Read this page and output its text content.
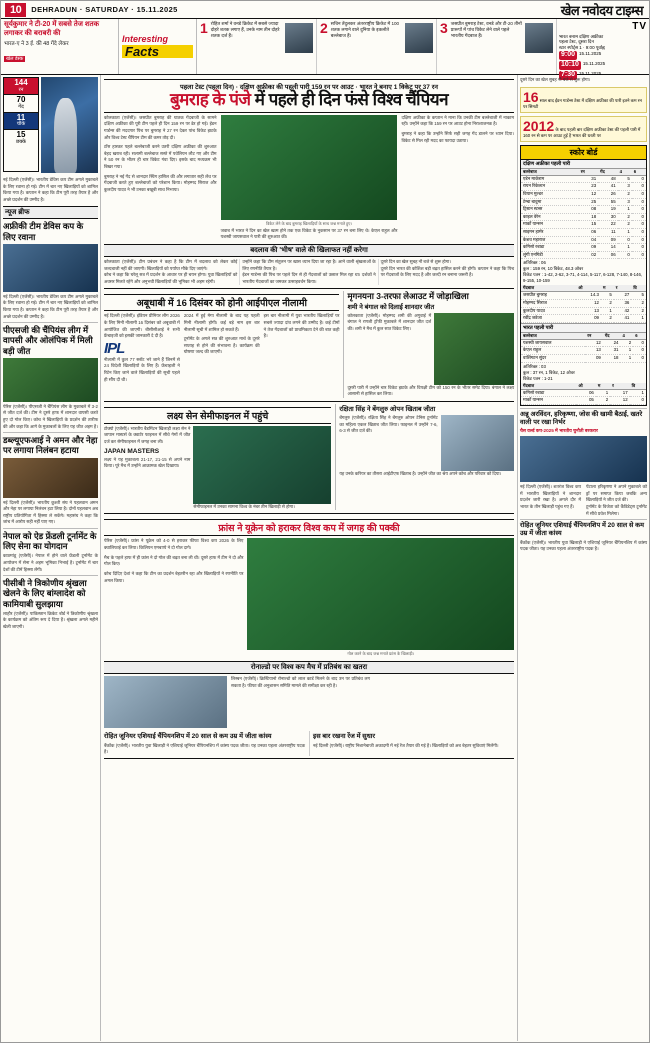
10	DEHRADUN · SATURDAY · 15.11.2025	खेल नवोदय टाइम्स
सूर्यकुमार ने टी-20 में सबसे तेज शतक लगाकर की बराबरी की
भारत-ए ने 3 ई. की 48 गेंदे लेकर
खेल डेस्क
Interesting
Facts
1 रोहित शर्मा ने वनडे क्रिकेट में सबसे ज्यादा दोहरे शतक लगाए हैं, उनके नाम तीन दोहरे शतक दर्ज हैं।	2 सचिन तेंदुलकर अंतरराष्ट्रीय क्रिकेट में 100 शतक लगाने वाले दुनिया के इकलौते बल्लेबाज हैं।	3 जसप्रीत बुमराह टेस्ट, वनडे और टी-20 तीनों प्रारूपों में पांच विकेट लेने वाले पहले भारतीय गेंदबाज हैं।
TV
भारत बनाम दक्षिण अफ्रीका
पहला टेस्ट, दूसरा दिन
स्टार स्पोर्ट्स 1 · 9:00 पूर्वाह्न
9:00 15.11.2025
10:10 15.11.2025
7:30 15.11.2025
144
रन
70
गेंद
11
चौके
15
छक्के
नई दिल्ली (एजेंसी)। भारतीय डेविस कप टीम अगले मुकाबले के लिए रवाना हो गई। टीम में चार नए खिलाड़ियों को शामिल किया गया है। कप्तान ने कहा कि टीम पूरी तरह तैयार है और अच्छे प्रदर्शन की उम्मीद है।
न्यूज ब्रीफ
अफ्रीकी टीम डेविस कप के लिए रवाना
नई दिल्ली (एजेंसी)। भारतीय डेविस कप टीम अगले मुकाबले के लिए रवाना हो गई। टीम में चार नए खिलाड़ियों को शामिल किया गया है। कप्तान ने कहा कि टीम पूरी तरह तैयार है और अच्छे प्रदर्शन की उम्मीद है।
पीएसजी की चैंपियंस लीग में वापसी और ओलंपिक में मिली बड़ी जीत
पेरिस (एजेंसी)। पीएसजी ने चैंपियंस लीग के मुकाबले में 3-2 से जीत दर्ज की। टीम ने दूसरे हाफ में शानदार वापसी करते हुए दो गोल किए। कोच ने खिलाड़ियों के प्रदर्शन की तारीफ की और कहा कि आगे के मुकाबलों के लिए यह जीत अहम है।
डब्ल्यूएफआई ने अमन और नेहा पर लगाया निलंबन हटाया
नई दिल्ली (एजेंसी)। भारतीय कुश्ती संघ ने पहलवान अमन और नेहा पर लगाया निलंबन हटा लिया है। दोनों पहलवान अब राष्ट्रीय प्रतियोगिता में हिस्सा ले सकेंगे। महासंघ ने कहा कि जांच में आरोप सही नहीं पाए गए।
नेपाल को ऐड फ्रेंडली टूर्नामेंट के लिए सेना का योगदान
काठमांडू (एजेंसी)। नेपाल में होने वाले फ्रेंडली टूर्नामेंट के आयोजन में सेना ने अहम भूमिका निभाई है। टूर्नामेंट में चार देशों की टीमें हिस्सा लेंगी।
पीसीबी ने त्रिकोणीय श्रृंखला खेलने के लिए बांग्लादेश को कामियाबी सुलझाया
लाहौर (एजेंसी)। पाकिस्तान क्रिकेट बोर्ड ने त्रिकोणीय श्रृंखला के कार्यक्रम को अंतिम रूप दे दिया है। श्रृंखला अगले महीने खेली जाएगी।
पहला टेस्ट (पहला दिन) · दक्षिण अफ्रीका की पहली पारी 159 रन पर आउट · भारत ने बनाए 1 विकेट पर 37 रन
बुमराह के पंजे में पहले ही दिन फंसे विश्व चैंपियन
कोलकाता (एजेंसी)। जसप्रीत बुमराह की घातक गेंदबाजी के सामने दक्षिण अफ्रीका की पूरी टीम पहले ही दिन 159 रन पर ढेर हो गई। ईडन गार्डन्स की मददगार पिच पर बुमराह ने 27 रन देकर पांच विकेट झटके और विश्व टेस्ट चैंपियन टीम की कमर तोड़ दी।
टॉस हारकर पहले बल्लेबाजी करने उतरी दक्षिण अफ्रीका की शुरुआत बेहद खराब रही। सलामी बल्लेबाज सस्ते में पवेलियन लौट गए और टीम ने 50 रन के भीतर ही चार विकेट गंवा दिए। इसके बाद मध्यक्रम भी बिखर गया।
बुमराह ने नई गेंद से शानदार स्विंग हासिल की और लगातार सही लेंथ पर गेंदबाजी करते हुए बल्लेबाजों को परेशान किया। मोहम्मद सिराज और कुलदीप यादव ने भी उनका बखूबी साथ निभाया।
विकेट लेने के बाद बुमराह खिलाड़ियों के साथ जश्न मनाते हुए।
जवाब में भारत ने दिन का खेल खत्म होने तक एक विकेट के नुकसान पर 37 रन बना लिए थे। केएल राहुल और यशस्वी जायसवाल ने पारी की शुरुआत की।
दक्षिण अफ्रीका के कप्तान ने माना कि उनकी टीम बल्लेबाजी में नाकाम रही। उन्होंने कहा कि 159 रन पर आउट होना निराशाजनक है।
बुमराह ने कहा कि उन्होंने सिर्फ सही जगह गेंद डालने पर ध्यान दिया। विकेट से मिल रही मदद का फायदा उठाया।
बदलाव की 'भीष' वाले की खिलाफत नहीं करेगा
कोलकाता (एजेंसी)। टीम प्रबंधन ने कहा है कि टीम में बदलाव को लेकर कोई जल्दबाजी नहीं की जाएगी। खिलाड़ियों को पर्याप्त मौके दिए जाएंगे।
कोच ने कहा कि घरेलू सत्र में प्रदर्शन के आधार पर ही चयन होगा। युवा खिलाड़ियों को अवसर मिलते रहेंगे और अनुभवी खिलाड़ियों की भूमिका भी अहम रहेगी।
उन्होंने कहा कि टीम संतुलन पर खास ध्यान दिया जा रहा है। आने वाली श्रृंखलाओं के लिए रणनीति तैयार है।
ईडन गार्डन्स की पिच पर पहले दिन से ही गेंदबाजों को उछाल मिल रहा था। दर्शकों ने भारतीय गेंदबाजों का जमकर उत्साहवर्धन किया।
दूसरे दिन का खेल सुबह नौ बजे से शुरू होगा।
दूसरे दिन भारत की कोशिश बड़ी बढ़त हासिल करने की होगी। कप्तान ने कहा कि पिच पर गेंदबाजों के लिए मदद है और जल्दी रन बनाना जरूरी है।
अबूधाबी में 16 दिसंबर को होनी आईपीएल नीलामी
नई दिल्ली (एजेंसी)। इंडियन प्रीमियर लीग 2026 के लिए मिनी नीलामी 16 दिसंबर को अबूधाबी में आयोजित की जाएगी। बीसीसीआई ने सभी फ्रेंचाइजी को इसकी जानकारी दे दी है।
IPL
नीलामी में कुल 77 स्लॉट भरे जाने हैं जिनमें से 24 विदेशी खिलाड़ियों के लिए हैं। फ्रेंचाइजी ने रिटेन किए जाने वाले खिलाड़ियों की सूची पहले ही सौंप दी थी।
2024 में हुई मेगा नीलामी के बाद यह पहली मिनी नीलामी होगी। कई बड़े नाम इस बार नीलामी सूची में शामिल हो सकते हैं।
टूर्नामेंट के अगले सत्र की शुरुआत मार्च के दूसरे सप्ताह से होने की संभावना है। कार्यक्रम की घोषणा जल्द की जाएगी।
इस बार नीलामी में युवा भारतीय खिलाड़ियों पर सबसे ज्यादा दांव लगने की उम्मीद है। कई टीमों ने तेज गेंदबाजों को प्राथमिकता देने की बात कही है।
मृगनयना 3-तरफा लेआउट में जोड़ाखिला
शमी ने बंगाल को दिलाई शानदार जीत
कोलकाता (एजेंसी)। मोहम्मद शमी की अगुवाई में बंगाल ने रणजी ट्रॉफी मुकाबले में शानदार जीत दर्ज की। शमी ने मैच में कुल सात विकेट लिए।
दूसरी पारी में उन्होंने चार विकेट झटके और विपक्षी टीम को 150 रन के भीतर समेट दिया। बंगाल ने लक्ष्य आसानी से हासिल कर लिया।
लक्ष्य सेन सेमीफाइनल में पहुंचे
टोक्यो (एजेंसी)। भारतीय बैडमिंटन खिलाड़ी लक्ष्य सेन ने जापान मास्टर्स के क्वार्टर फाइनल में सीधे गेमों में जीत दर्ज कर सेमीफाइनल में जगह बना ली।
JAPAN MASTERS
लक्ष्य ने यह मुकाबला 21-17, 21-15 से अपने नाम किया। पूरे मैच में उन्होंने आक्रामक खेल दिखाया।
सेमीफाइनल में उनका सामना विश्व के नंबर तीन खिलाड़ी से होगा।
रक्षिता सिंह ने बेंगलुरु ओपन खिताब जीता
बेंगलुरु (एजेंसी)। रक्षिता सिंह ने बेंगलुरु ओपन टेनिस टूर्नामेंट का महिला एकल खिताब जीत लिया। फाइनल में उन्होंने 7-6, 6-3 से जीत दर्ज की।
यह उनके करियर का तीसरा आईटीएफ खिताब है। उन्होंने जीत का श्रेय अपने कोच और परिवार को दिया।
फ्रांस ने यूक्रेन को हराकर विश्व कप में जगह की पक्की
पेरिस (एजेंसी)। फ्रांस ने यूक्रेन को 4-0 से हराकर फीफा विश्व कप 2026 के लिए क्वालिफाई कर लिया। किलियन एमबाप्पे ने दो गोल दागे।
मैच के पहले हाफ में ही फ्रांस ने दो गोल की बढ़त बना ली थी। दूसरे हाफ में टीम ने दो और गोल किए।
कोच दिदिए देशां ने कहा कि टीम का प्रदर्शन बेहतरीन रहा और खिलाड़ियों ने रणनीति पर अमल किया।
गोल करने के बाद जश्न मनाते फ्रांस के खिलाड़ी।
रोनाल्डो पर विश्व कप मैच में प्रतिबंध का खतरा
लिस्बन (एजेंसी)। क्रिस्टियानो रोनाल्डो को लाल कार्ड मिलने के बाद उन पर प्रतिबंध लग सकता है। फीफा की अनुशासन समिति मामले की समीक्षा कर रही है।
रोहित जूनियर एशियाई चैंपियनशिप में 20 साल से कम उम्र में जीता कांस्य
बैंकॉक (एजेंसी)। भारतीय युवा खिलाड़ी ने एशियाई जूनियर चैंपियनशिप में कांस्य पदक जीता। यह उनका पहला अंतरराष्ट्रीय पदक है।
इस बार रखना रेंज में सुधार
नई दिल्ली (एजेंसी)। राष्ट्रीय निशानेबाजी अकादमी में नई रेंज तैयार की गई है। खिलाड़ियों को अब बेहतर सुविधाएं मिलेंगी।
दूसरे दिन का खेल सुबह नौ बजे से शुरू होगा।
16 साल बाद ईडन गार्डन्स टेस्ट में दक्षिण अफ्रीका की पारी इतने कम रन पर सिमटी
2012 के बाद पहली बार दक्षिण अफ्रीका टेस्ट की पहली पारी में 160 रन से कम पर आउट हुई है भारत की धरती पर
स्कोर बोर्ड
दक्षिण अफ्रीका पहली पारी
बल्लेबाज	रन	गेंद	4	6
एडेन मार्कराम	31	48	5	0
रायन रिकेल्टन	23	41	3	0
वियान मुल्डर	12	26	2	0
टेम्बा बावुमा	25	55	3	0
ट्रिस्टन स्टब्स	08	19	1	0
काइल वेरेन	18	30	2	0
मार्को यान्सन	15	22	2	0
साइमन हार्मर	06	11	1	0
केशव महाराज	04	09	0	0
कगिसो रबाडा	09	14	1	0
लुंगी एनगिडी	02	06	0	0
अतिरिक्त : 06
कुल : 159 रन, 10 विकेट, 48.3 ओवर
विकेट पतन : 1-42, 2-62, 3-71, 4-114, 5-117, 6-128, 7-140, 8-146, 9-155, 10-159
गेंदबाज	ओ	म	र	वि
जसप्रीत बुमराह	14.3	5	27	5
मोहम्मद सिराज	12	2	36	2
कुलदीप यादव	13	1	42	2
रवींद्र जडेजा	09	2	41	1
भारत पहली पारी
बल्लेबाज	रन	गेंद	4	6
यशस्वी जायसवाल	12	24	2	0
केएल राहुल	13	31	1	0
वाशिंगटन सुंदर	09	18	1	0
अतिरिक्त : 03
कुल : 37 रन, 1 विकेट, 12 ओवर
विकेट पतन : 1-21
गेंदबाज	ओ	म	र	वि
कगिसो रबाडा	06	1	17	1
मार्को यान्सन	05	2	12	0
अन्नू अरविंदन, हरिकृष्णा, जोस की खामी बैठाई, खतरे वाली पर रखा निर्भर
चैस वर्ल्ड कप-2025 में भारतीय चुनौती बरकरार
नई दिल्ली (एजेंसी)। शतरंज विश्व कप में भारतीय खिलाड़ियों ने शानदार प्रदर्शन जारी रखा है। अगले दौर में भारत के तीन खिलाड़ी पहुंच गए हैं।
पेंटाला हरिकृष्णा ने अपने मुकाबले को ड्रॉ पर समाप्त किया जबकि अन्य खिलाड़ियों ने जीत दर्ज की।
टूर्नामेंट के विजेता को कैंडिडेट्स टूर्नामेंट में सीधे प्रवेश मिलेगा।
रोहित जूनियर एशियाई चैंपियनशिप में 20 साल से कम उम्र में जीता कांस्य
बैंकॉक (एजेंसी)। भारतीय युवा खिलाड़ी ने एशियाई जूनियर चैंपियनशिप में कांस्य पदक जीता। यह उनका पहला अंतरराष्ट्रीय पदक है।
